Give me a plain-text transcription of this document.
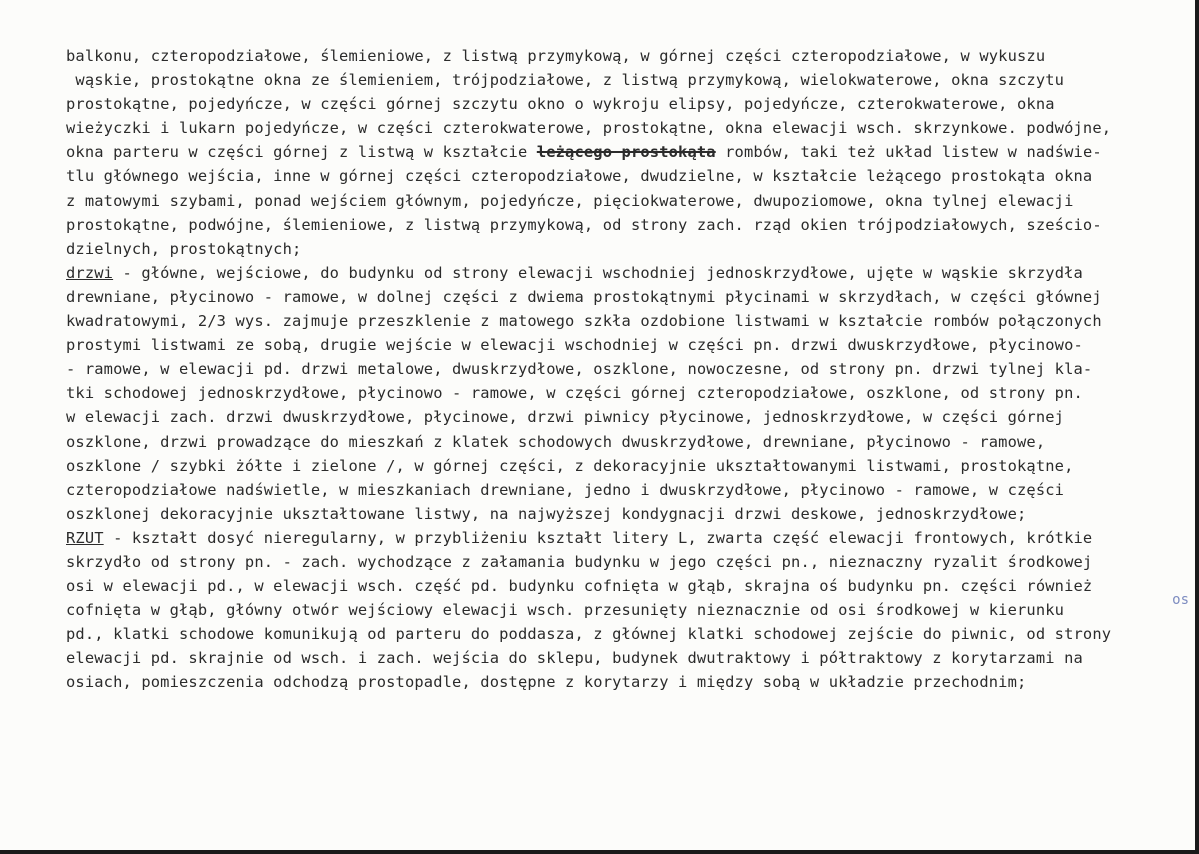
balkonu, czteropodziałowe, ślemieniowe, z listwą przymykową, w górnej części czteropodziałowe, w wykuszu
wąskie, prostokątne okna ze ślemieniem, trójpodziałowe, z listwą przymykową, wielokwaterowe, okna szczytu
prostokątne, pojedyńcze, w części górnej szczytu okno o wykroju elipsy, pojedyńcze, czterokwaterowe, okna
wieżyczki i lukarn pojedyńcze, w części czterokwaterowe, prostokątne, okna elewacji wsch. skrzynkowe. podwójne,
okna parteru w części górnej z listwą w kształcie leżącego prostokąta rombów, taki też układ listew w nadświe-
tlu głównego wejścia, inne w górnej części czteropodziałowe, dwudzielne, w kształcie leżącego prostokąta okna
z matowymi szybami, ponad wejściem głównym, pojedyńcze, pięciokwaterowe, dwupoziomowe, okna tylnej elewacji
prostokątne, podwójne, ślemieniowe, z listwą przymykową, od strony zach. rząd okien trójpodziałowych, sześcio-
dzielnych, prostokątnych;
drzwi - główne, wejściowe, do budynku od strony elewacji wschodniej jednoskrzydłowe, ujęte w wąskie skrzydła
drewniane, płycinowo - ramowe, w dolnej części z dwiema prostokątnymi płycinami w skrzydłach, w części głównej
kwadratowymi, 2/3 wys. zajmuje przeszklenie z matowego szkła ozdobione listwami w kształcie rombów połączonych
prostymi listwami ze sobą, drugie wejście w elewacji wschodniej w części pn. drzwi dwuskrzydłowe, płycinowo-
- ramowe, w elewacji pd. drzwi metalowe, dwuskrzydłowe, oszklone, nowoczesne, od strony pn. drzwi tylnej kla-
tki schodowej jednoskrzydłowe, płycinowo - ramowe, w części górnej czteropodziałowe, oszklone, od strony pn.
w elewacji zach. drzwi dwuskrzydłowe, płycinowe, drzwi piwnicy płycinowe, jednoskrzydłowe, w części górnej
oszklone, drzwi prowadzące do mieszkań z klatek schodowych dwuskrzydłowe, drewniane, płycinowo - ramowe,
oszklone / szybki żółte i zielone /, w górnej części, z dekoracyjnie ukształtowanymi listwami, prostokątne,
czteropodziałowe nadświetle, w mieszkaniach drewniane, jedno i dwuskrzydłowe, płycinowo - ramowe, w części
oszklonej dekoracyjnie ukształtowane listwy, na najwyższej kondygnacji drzwi deskowe, jednoskrzydłowe;
RZUT - kształt dosyć nieregularny, w przybliżeniu kształt litery L, zwarta część elewacji frontowych, krótkie
skrzydło od strony pn. - zach. wychodzące z załamania budynku w jego części pn., nieznaczny ryzalit środkowej
osi w elewacji pd., w elewacji wsch. część pd. budynku cofnięta w głąb, skrajna oś budynku pn. części również
cofnięta w głąb, główny otwór wejściowy elewacji wsch. przesunięty nieznacznie od osi środkowej w kierunku
pd., klatki schodowe komunikują od parteru do poddasza, z głównej klatki schodowej zejście do piwnic, od strony
elewacji pd. skrajnie od wsch. i zach. wejścia do sklepu, budynek dwutraktowy i półtraktowy z korytarzami na
osiach, pomieszczenia odchodzą prostopadle, dostępne z korytarzy i między sobą w układzie przechodnim;
os
